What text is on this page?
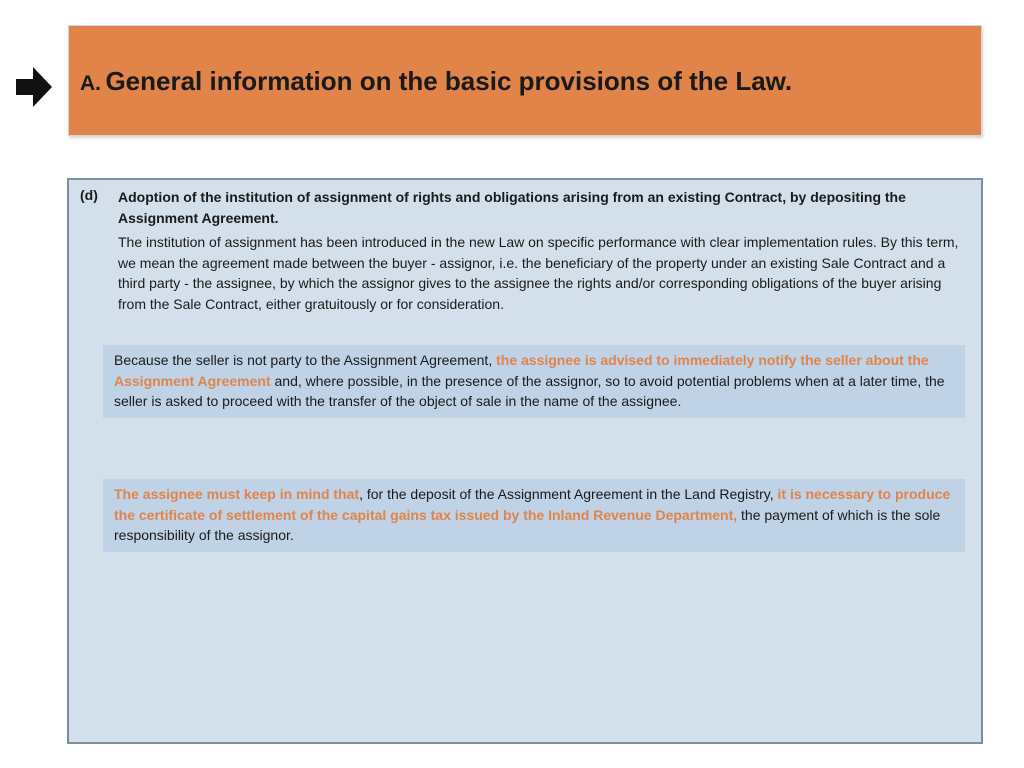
A. General information on the basic provisions of the Law.
(d) Adoption of the institution of assignment of rights and obligations arising from an existing Contract, by depositing the Assignment Agreement.
The institution of assignment has been introduced in the new Law on specific performance with clear implementation rules. By this term, we mean the agreement made between the buyer - assignor, i.e. the beneficiary of the property under an existing Sale Contract and a third party - the assignee, by which the assignor gives to the assignee the rights and/or corresponding obligations of the buyer arising from the Sale Contract, either gratuitously or for consideration.
Because the seller is not party to the Assignment Agreement, the assignee is advised to immediately notify the seller about the Assignment Agreement and, where possible, in the presence of the assignor, so to avoid potential problems when at a later time, the seller is asked to proceed with the transfer of the object of sale in the name of the assignee.
The assignee must keep in mind that, for the deposit of the Assignment Agreement in the Land Registry, it is necessary to produce the certificate of settlement of the capital gains tax issued by the Inland Revenue Department, the payment of which is the sole responsibility of the assignor.
